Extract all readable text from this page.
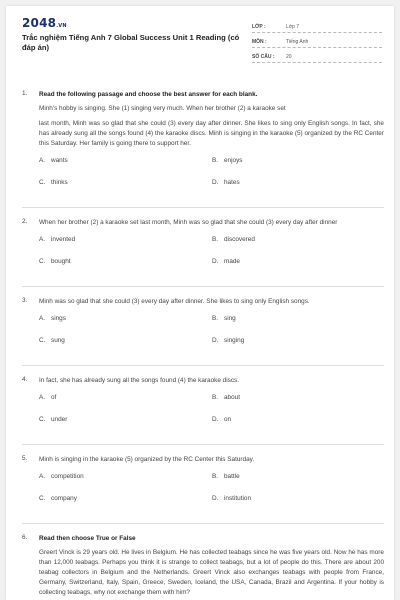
2048.VN
Trắc nghiệm Tiếng Anh 7 Global Success Unit 1 Reading (có đáp án)
LỚP :	Lớp 7
MÔN :	Tiếng Anh
SỐ CÂU :	20
1. Read the following passage and choose the best answer for each blank.
Minh's hobby is singing. She (1) singing very much. When her brother (2) a karaoke set
last month, Minh was so glad that she could (3) every day after dinner. She likes to sing only English songs. In fact, she has already sung all the songs found (4) the karaoke discs. Minh is singing in the karaoke (5) organized by the RC Center this Saturday. Her family is going there to support her.
A. wants	B. enjoys
C. thinks	D. hates
2. When her brother (2) a karaoke set last month, Minh was so glad that she could (3) every day after dinner
A. invented	B. discovered
C. bought	D. made
3. Minh was so glad that she could (3) every day after dinner. She likes to sing only English songs.
A. sings	B. sing
C. sung	D. singing
4. In fact, she has already sung all the songs found (4) the karaoke discs.
A. of	B. about
C. under	D. on
5. Minh is singing in the karaoke (5) organized by the RC Center this Saturday.
A. competition	B. battle
C. company	D. institution
6. Read then choose True or False
Greert Vinck is 29 years old. He lives in Belgium. He has collected teabags since he was five years old. Now he has more than 12,000 teabags. Perhaps you think it is strange to collect teabags, but a lot of people do this. There are about 200 teabag collectors in Belgium and the Netherlands. Greert Vinck also exchanges teabags with people from France, Germany, Switzerland, Italy, Spain, Greece, Sweden, Iceland, the USA, Canada, Brazil and Argentina. If your hobby is collecting teabags, why not exchange them with him?
